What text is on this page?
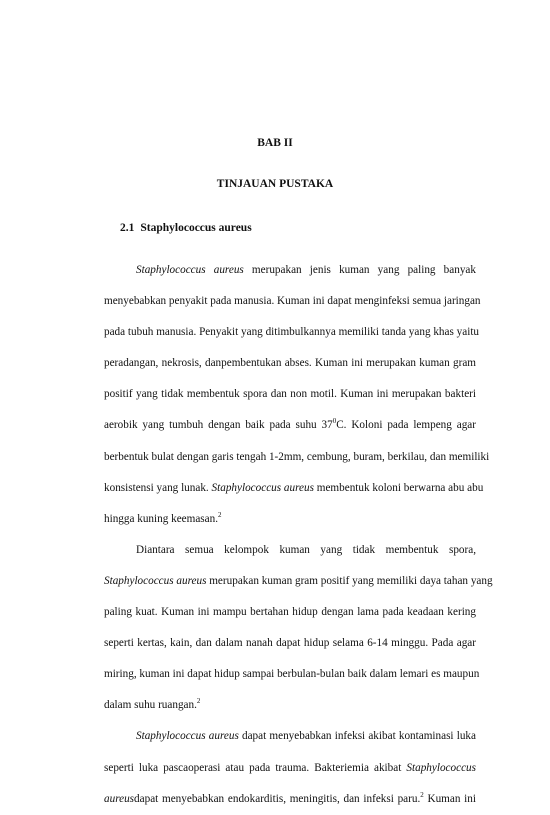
BAB II
TINJAUAN PUSTAKA
2.1 Staphylococcus aureus
Staphylococcus aureus merupakan jenis kuman yang paling banyak
menyebabkan penyakit pada manusia. Kuman ini dapat menginfeksi semua jaringan
pada tubuh manusia. Penyakit yang ditimbulkannya memiliki tanda yang khas yaitu
peradangan, nekrosis, danpembentukan abses. Kuman ini merupakan kuman gram
positif yang tidak membentuk spora dan non motil. Kuman ini merupakan bakteri
aerobik yang tumbuh dengan baik pada suhu $37^0C$. Koloni pada lempeng agar
berbentuk bulat dengan garis tengah 1-2mm, cembung, buram, berkilau, dan memiliki
konsistensi yang lunak. Staphylococcus aureus membentuk koloni berwarna abu abu
hingga kuning keemasan.$^2$
Diantara semua kelompok kuman yang tidak membentuk spora,
Staphylococcus aureus merupakan kuman gram positif yang memiliki daya tahan yang
paling kuat. Kuman ini mampu bertahan hidup dengan lama pada keadaan kering
seperti kertas, kain, dan dalam nanah dapat hidup selama 6-14 minggu. Pada agar
miring, kuman ini dapat hidup sampai berbulan-bulan baik dalam lemari es maupun
dalam suhu ruangan.$^2$
Staphylococcus aureus dapat menyebabkan infeksi akibat kontaminasi luka
seperti luka pascaoperasi atau pada trauma. Bakteriemia akibat Staphylococcus
aureusdapat menyebabkan endokarditis, meningitis, dan infeksi paru.$^2$ Kuman ini
